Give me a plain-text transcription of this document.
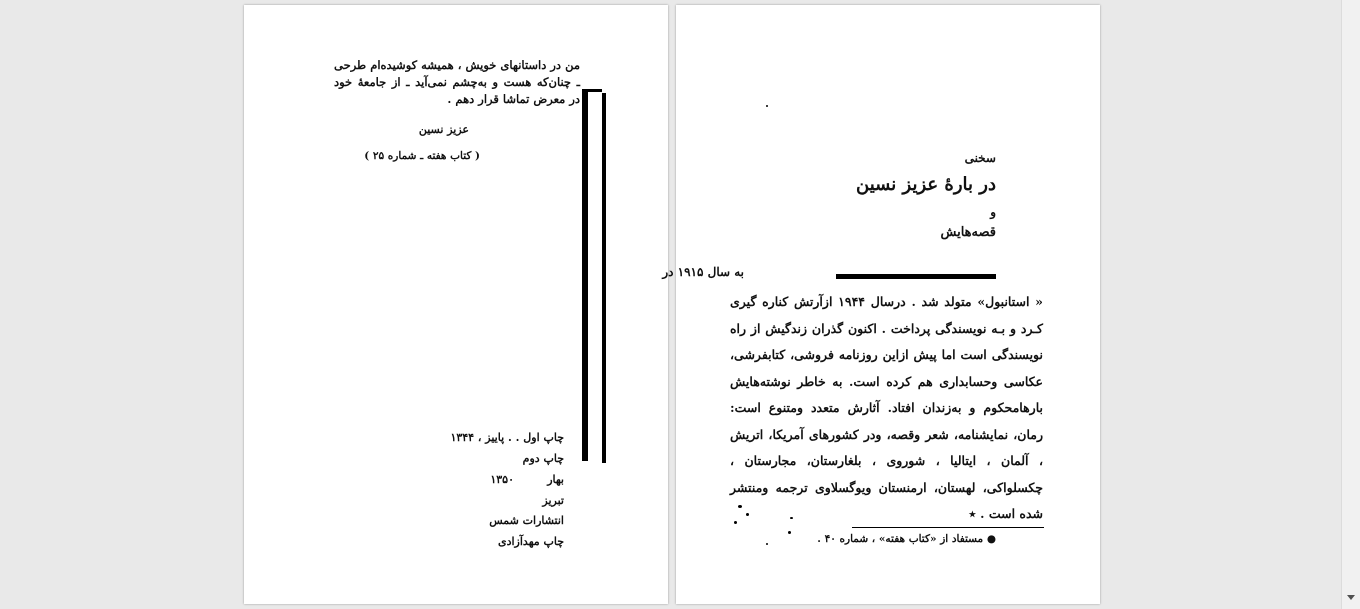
من در داستانهای خویش ، همیشه کوشیده‌ام طرحی ـ چنان‌که هست و به‌چشم نمی‌آید ـ از جامعهٔ خود در معرض تماشا قرار دهم .
عزیز نسین
( کتاب هفته ـ شماره ۲۵ )
چاپ اول . . پاییز ، ۱۳۴۴
چاپ دوم
بهار
۱۳۵۰
تبریز
انتشارات شمس
چاپ مهدآزادی
سخنی
در بارهٔ عزیز نسین
و
قصه‌هایش
به سال ۱۹۱۵ در
« استانبول» متولد شد . درسال ۱۹۴۴ ازآرتش کناره گیری کـرد و بـه نویسندگی پرداخت . اکنون گذران زندگیش از راه نویسندگی است اما پیش ازاین روزنامه فروشی، کتابفرشی، عکاسی وحسابداری هم کرده است. به خاطر نوشته‌هایش بارهامحکوم و به‌زندان افتاد. آثارش متعدد ومتنوع است: رمان، نمایشنامه، شعر وقصه، ودر کشورهای آمریکا، اتریش ، آلمان ، ایتالیا ، شوروی ، بلغارستان، مجارستان ، چکسلواکی، لهستان، ارمنستان ویوگسلاوی ترجمه ومنتشر شده است . ٭
● مستفاد از «کتاب هفته» ، شماره ۴۰ .
